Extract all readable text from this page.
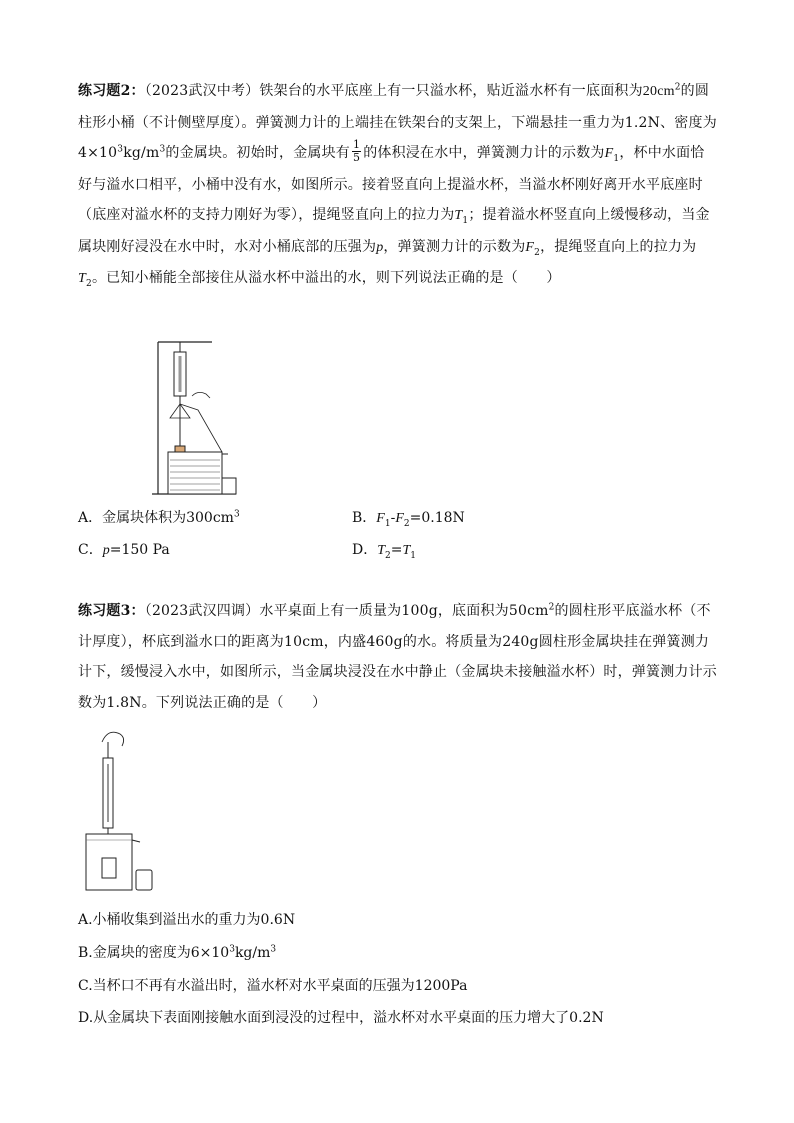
练习题2：（2023武汉中考）铁架台的水平底座上有一只溢水杯，贴近溢水杯有一底面积为$20cm^2$的圆柱形小桶（不计侧壁厚度）。弹簧测力计的上端挂在铁架台的支架上，下端悬挂一重力为1.2N、密度为$4\times 10^3kg/m^3$的金属块。初始时，金属块有 $\frac{1}{5}$ 的体积浸在水中，弹簧测力计的示数为$F_1$，杯中水面恰好与溢水口相平，小桶中没有水，如图所示。接着竖直向上提溢水杯，当溢水杯刚好离开水平底座时（底座对溢水杯的支持力刚好为零），提绳竖直向上的拉力为$T_1$；提着溢水杯竖直向上缓慢移动，当金属块刚好浸没在水中时，水对小桶底部的压强为p，弹簧测力计的示数为$F_2$，提绳竖直向上的拉力为$T_2$。已知小桶能全部接住从溢水杯中溢出的水，则下列说法正确的是（　　）
A．金属块体积为$300cm^3$	B．$F_1-F_2=0.18N$
C．p=150 Pa	D．$T_2=T_1$
练习题3：（2023武汉四调）水平桌面上有一质量为100g，底面积为$50cm^2$的圆柱形平底溢水杯（不计厚度），杯底到溢水口的距离为10cm，内盛460g的水。将质量为240g圆柱形金属块挂在弹簧测力计下，缓慢浸入水中，如图所示，当金属块浸没在水中静止（金属块未接触溢水杯）时，弹簧测力计示数为1.8N。下列说法正确的是（　　）
A.小桶收集到溢出水的重力为0.6N
B.金属块的密度为$6\times 10^3kg/m^3$
C.当杯口不再有水溢出时，溢水杯对水平桌面的压强为1200Pa
D.从金属块下表面刚接触水面到浸没的过程中，溢水杯对水平桌面的压力增大了0.2N
